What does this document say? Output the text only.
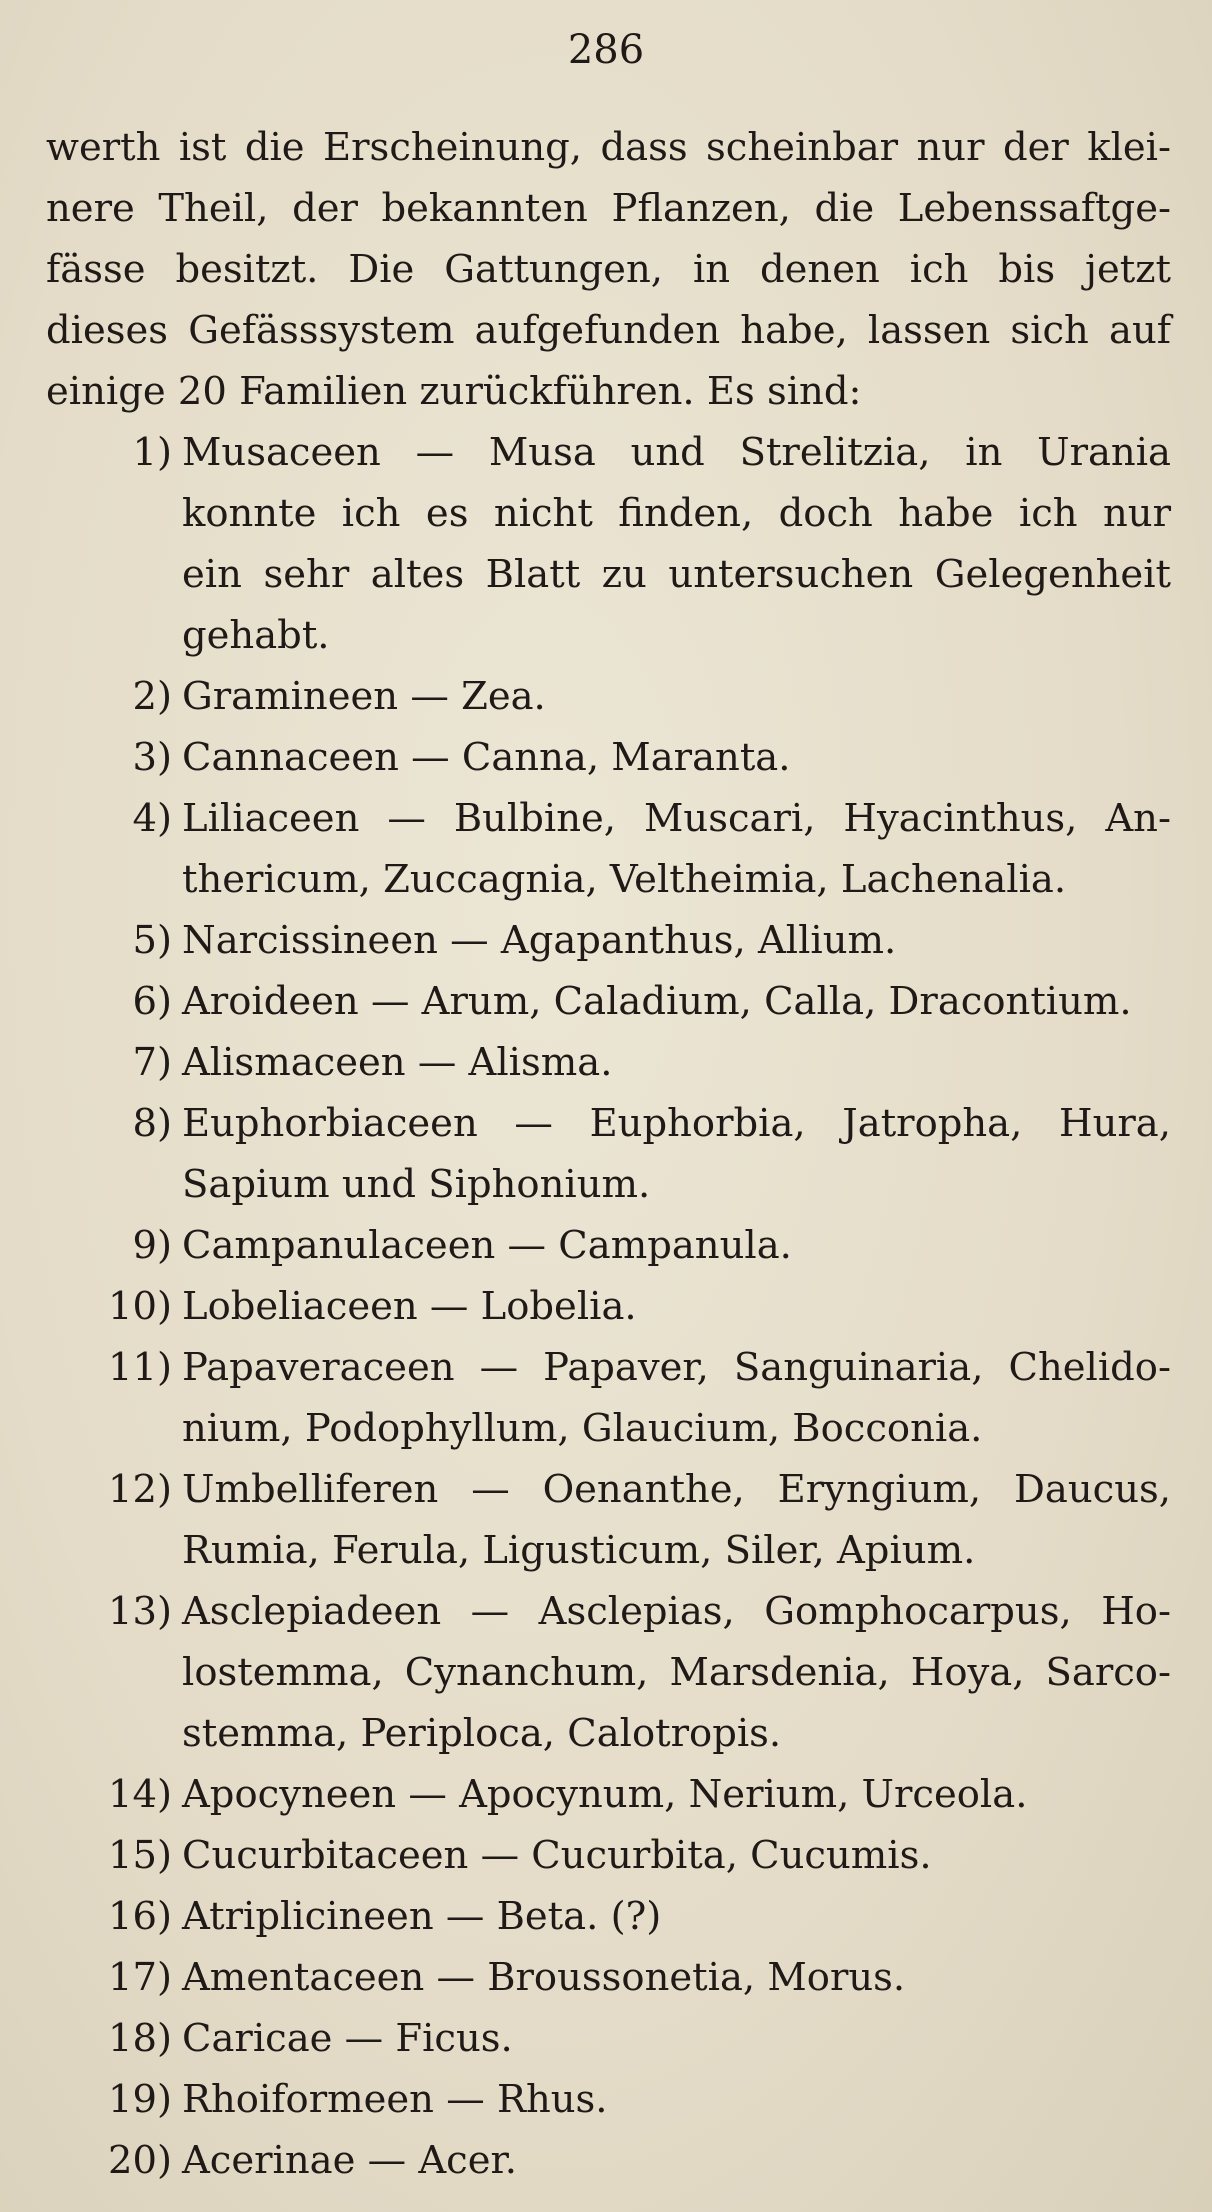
286
werth ist die Erscheinung, dass scheinbar nur der klei-
nere Theil, der bekannten Pflanzen, die Lebenssaftge-
fässe besitzt. Die Gattungen, in denen ich bis jetzt
dieses Gefässsystem aufgefunden habe, lassen sich auf
einige 20 Familien zurückführen. Es sind:
1) Musaceen — Musa und Strelitzia, in Urania
konnte ich es nicht finden, doch habe ich nur
ein sehr altes Blatt zu untersuchen Gelegenheit
gehabt.
2) Gramineen — Zea.
3) Cannaceen — Canna, Maranta.
4) Liliaceen — Bulbine, Muscari, Hyacinthus, An-
thericum, Zuccagnia, Veltheimia, Lachenalia.
5) Narcissineen — Agapanthus, Allium.
6) Aroideen — Arum, Caladium, Calla, Dracontium.
7) Alismaceen — Alisma.
8) Euphorbiaceen — Euphorbia, Jatropha, Hura,
Sapium und Siphonium.
9) Campanulaceen — Campanula.
10) Lobeliaceen — Lobelia.
11) Papaveraceen — Papaver, Sanguinaria, Chelido-
nium, Podophyllum, Glaucium, Bocconia.
12) Umbelliferen — Oenanthe, Eryngium, Daucus,
Rumia, Ferula, Ligusticum, Siler, Apium.
13) Asclepiadeen — Asclepias, Gomphocarpus, Ho-
lostemma, Cynanchum, Marsdenia, Hoya, Sarco-
stemma, Periploca, Calotropis.
14) Apocyneen — Apocynum, Nerium, Urceola.
15) Cucurbitaceen — Cucurbita, Cucumis.
16) Atriplicineen — Beta. (?)
17) Amentaceen — Broussonetia, Morus.
18) Caricae — Ficus.
19) Rhoiformeen — Rhus.
20) Acerinae — Acer.
